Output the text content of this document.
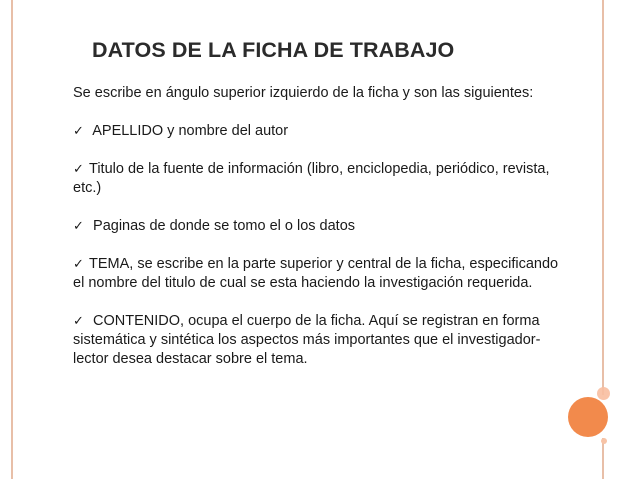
DATOS DE LA FICHA DE TRABAJO

Se escribe en ángulo superior izquierdo de la ficha y son las siguientes:

✓ APELLIDO y nombre del autor

✓ Titulo de la fuente de información (libro, enciclopedia, periódico, revista, etc.)

✓ Paginas de donde se tomo el o los datos

✓ TEMA, se escribe en la parte superior y central de la ficha, especificando el nombre del titulo de cual se esta haciendo la investigación requerida.

✓ CONTENIDO, ocupa el cuerpo de la ficha. Aquí se registran en forma sistemática y sintética los aspectos más importantes que el investigador-lector desea destacar sobre el tema.
